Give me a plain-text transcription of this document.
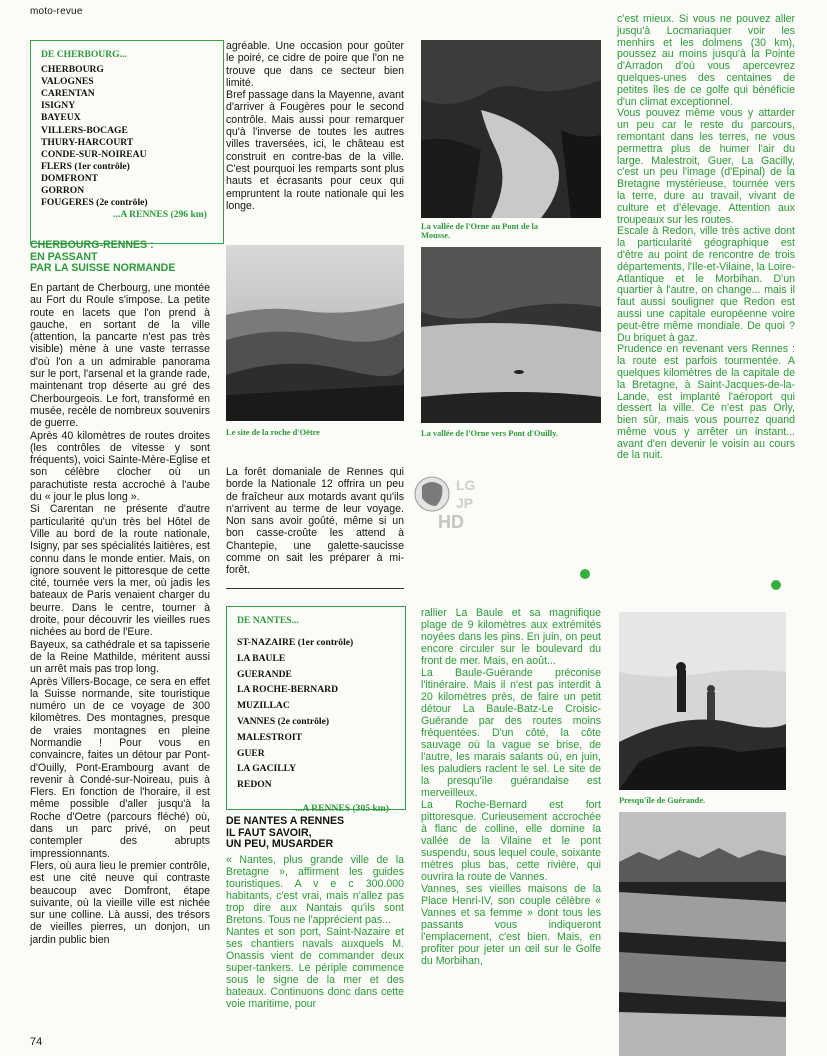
moto-revue
DE CHERBOURG...
CHERBOURG
VALOGNES
CARENTAN
ISIGNY
BAYEUX
VILLERS-BOCAGE
THURY-HARCOURT
CONDE-SUR-NOIREAU
FLERS (1er contrôle)
DOMFRONT
GORRON
FOUGERES (2e contrôle)
...A RENNES (296 km)
CHERBOURG-RENNES :
EN PASSANT
PAR LA SUISSE NORMANDE

En partant de Cherbourg, une montée au Fort du Roule s'impose. La petite route en lacets que l'on prend à gauche, en sortant de la ville (attention, la pancarte n'est pas très visible) mène à une vaste terrasse d'où l'on a un admirable panorama sur le port, l'arsenal et la grande rade, maintenant trop déserte au gré des Cherbourgeois. Le fort, transformé en musée, recèle de nombreux souvenirs de guerre.

Après 40 kilomètres de routes droites (les contrôles de vitesse y sont fréquents), voici Sainte-Mère-Eglise et son célèbre clocher où un parachutiste resta accroché à l'aube du « jour le plus long ».

Si Carentan ne présente d'autre particularité qu'un très bel Hôtel de Ville au bord de la route nationale, Isigny, par ses spécialités laitières, est connu dans le monde entier. Mais, on ignore souvent le pittoresque de cette cité, tournée vers la mer, où jadis les bateaux de Paris venaient charger du beurre. Dans le centre, tourner à droite, pour découvrir les vieilles rues nichées au bord de l'Eure.

Bayeux, sa cathédrale et sa tapisserie de la Reine Mathilde, méritent aussi un arrêt mais pas trop long.

Après Villers-Bocage, ce sera en effet la Suisse normande, site touristique numéro un de ce voyage de 300 kilomètres. Des montagnes, presque de vraies montagnes en pleine Normandie ! Pour vous en convaincre, faites un détour par Pont-d'Ouilly, Pont-Erambourg avant de revenir à Condé-sur-Noireau, puis à Flers. En fonction de l'horaire, il est même possible d'aller jusqu'à la Roche d'Oetre (parcours fléché) où, dans un parc privé, on peut contempler des abrupts impressionnants.

Flers, où aura lieu le premier contrôle, est une cité neuve qui contraste beaucoup avec Domfront, étape suivante, où la vieille ville est nichée sur une colline. Là aussi, des trésors de vieilles pierres, un donjon, un jardin public bien

74
agréable. Une occasion pour goûter le poiré, ce cidre de poire que l'on ne trouve que dans ce secteur bien limité.
Bref passage dans la Mayenne, avant d'arriver à Fougères pour le second contrôle. Mais aussi pour remarquer qu'à l'inverse de toutes les autres villes traversées, ici, le château est construit en contre-bas de la ville. C'est pourquoi les remparts sont plus hauts et écrasants pour ceux qui empruntent la route nationale qui les longe.
Le site de la roche d'Oëtre
La forêt domaniale de Rennes qui borde la Nationale 12 offrira un peu de fraîcheur aux motards avant qu'ils n'arrivent au terme de leur voyage. Non sans avoir goûté, même si un bon casse-croûte les attend à Chantepie, une galette-saucisse comme on sait les préparer à mi-forêt.
La vallée de l'Orne au Pont de la Mousse.
La vallée de l'Orne vers Pont d'Ouilly.
LG
JP
HD
c'est mieux. Si vous ne pouvez aller jusqu'à Locmariaquer voir les menhirs et les dolmens (30 km), poussez au moins jusqu'à la Pointe d'Arradon d'où vous apercevrez quelques-unes des centaines de petites îles de ce golfe qui bénéficie d'un climat exceptionnel.
Vous pouvez même vous y attarder un peu car le reste du parcours, remontant dans les terres, ne vous permettra plus de humer l'air du large. Malestroit, Guer, La Gacilly, c'est un peu l'image (d'Epinal) de la Bretagne mystérieuse, tournée vers la terre, dure au travail, vivant de culture et d'élevage. Attention aux troupeaux sur les routes.
Escale à Redon, ville très active dont la particularité géographique est d'être au point de rencontre de trois départements, l'Ile-et-Vilaine, la Loire-Atlantique et le Morbihan. D'un quartier à l'autre, on change... mais il faut aussi souligner que Redon est aussi une capitale européenne voire peut-être même mondiale. De quoi ? Du briquet à gaz.
Prudence en revenant vers Rennes : la route est parfois tourmentée. A quelques kilomètres de la capitale de la Bretagne, à Saint-Jacques-de-la-Lande, est implanté l'aéroport qui dessert la ville. Ce n'est pas Orly, bien sûr, mais vous pourrez quand même vous y arrêter un instant... avant d'en devenir le voisin au cours de la nuit.
DE NANTES...
ST-NAZAIRE (1er contrôle)
LA BAULE
GUERANDE
LA ROCHE-BERNARD
MUZILLAC
VANNES (2e contrôle)
MALESTROIT
GUER
LA GACILLY
REDON
...A RENNES (305 km)
DE NANTES A RENNES
IL FAUT SAVOIR,
UN PEU, MUSARDER
« Nantes, plus grande ville de la Bretagne », affirment les guides touristiques. A v e c 300.000 habitants, c'est vrai, mais n'allez pas trop dire aux Nantais qu'ils sont Bretons. Tous ne l'apprécient pas...
Nantes et son port, Saint-Nazaire et ses chantiers navals auxquels M. Onassis vient de commander deux super-tankers. Le périple commence sous le signe de la mer et des bateaux. Continuons donc dans cette voie maritime, pour
rallier La Baule et sa magnifique plage de 9 kilomètres aux extrémités noyées dans les pins. En juin, on peut encore circuler sur le boulevard du front de mer. Mais, en août...
La Baule-Guérande préconise l'itinéraire. Mais il n'est pas interdit à 20 kilomètres près, de faire un petit détour La Baule-Batz-Le Croisic-Guérande par des routes moins fréquentées. D'un côté, la côte sauvage où la vague se brise, de l'autre, les marais salants où, en juin, les paludiers raclent le sel. Le site de la presqu'île guérandaise est merveilleux.
La Roche-Bernard est fort pittoresque. Curieusement accrochée à flanc de colline, elle domine la vallée de la Vilaine et le pont suspendu, sous lequel coule, soixante mètres plus bas, cette rivière, qui ouvrira la route de Vannes.
Vannes, ses vieilles maisons de la Place Henri-IV, son couple célèbre « Vannes et sa femme » dont tous les passants vous indiqueront l'emplacement, c'est bien. Mais, en profiter pour jeter un œil sur le Golfe du Morbihan,
Presqu'île de Guérande.
